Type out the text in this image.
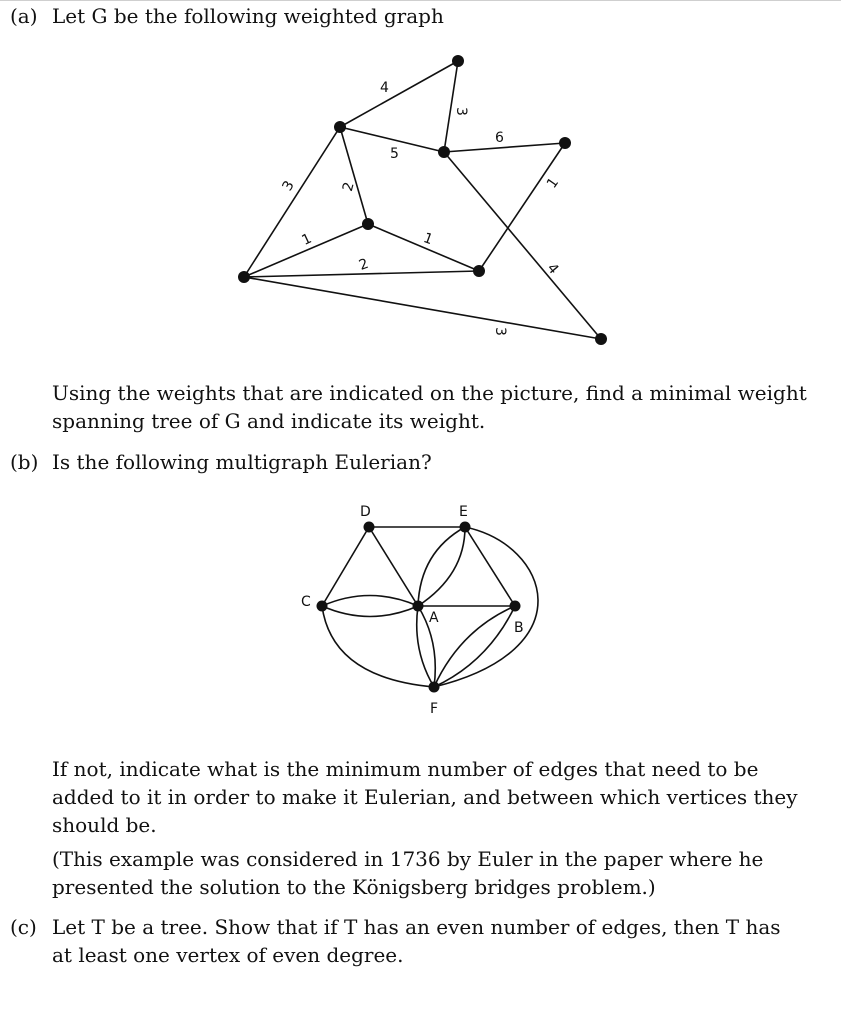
(a) Let G be the following weighted graph
4
3
6
5
3	2	1
1	1
2	4
3
Using the weights that are indicated on the picture, find a minimal weight
spanning tree of G and indicate its weight.
(b) Is the following multigraph Eulerian?
A
B
C
D	E
F
If not, indicate what is the minimum number of edges that need to be
added to it in order to make it Eulerian, and between which vertices they
should be.
(This example was considered in 1736 by Euler in the paper where he
presented the solution to the Königsberg bridges problem.)
(c) Let T be a tree. Show that if T has an even number of edges, then T has
at least one vertex of even degree.
